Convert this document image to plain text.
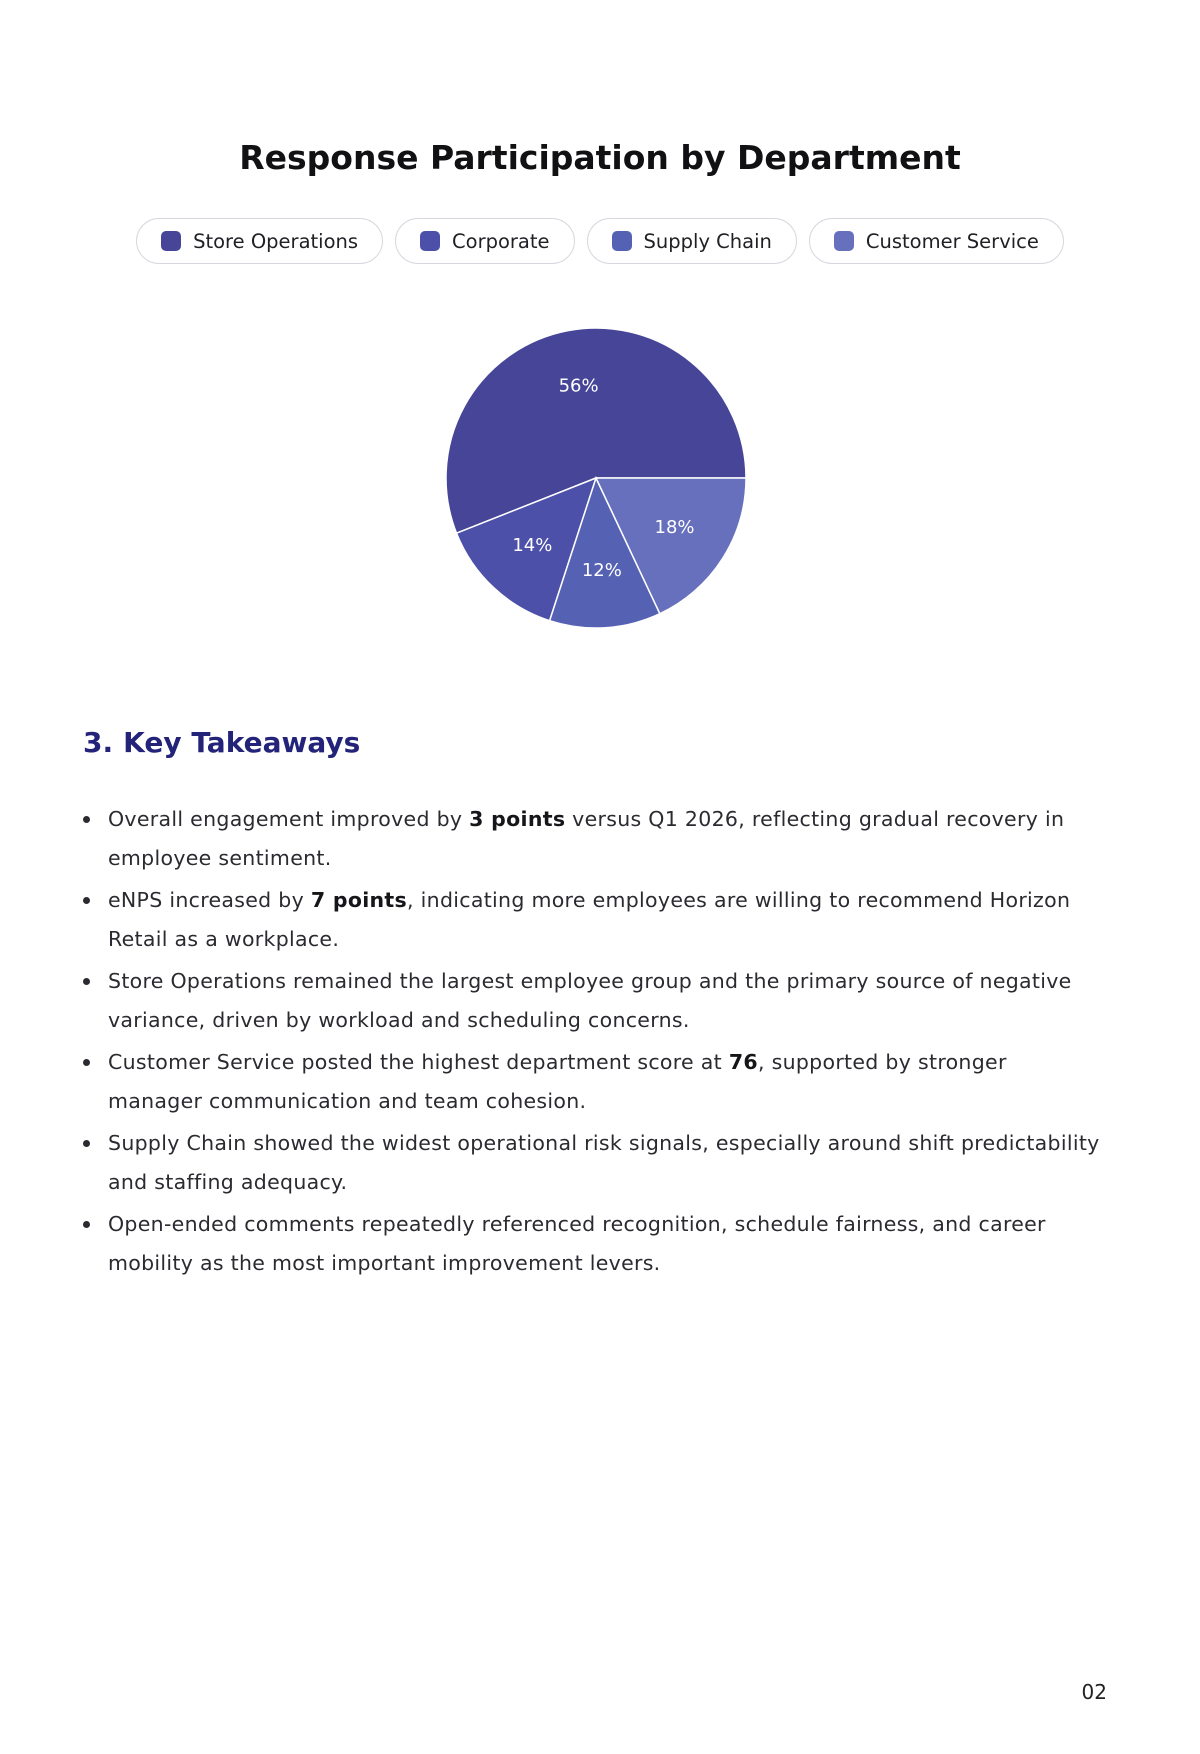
Response Participation by Department
Store Operations	Corporate	Supply Chain	Customer Service
56%
14%
12%
18%
3. Key Takeaways
Overall engagement improved by 3 points versus Q1 2026, reflecting gradual recovery in employee sentiment.
eNPS increased by 7 points, indicating more employees are willing to recommend Horizon Retail as a workplace.
Store Operations remained the largest employee group and the primary source of negative variance, driven by workload and scheduling concerns.
Customer Service posted the highest department score at 76, supported by stronger manager communication and team cohesion.
Supply Chain showed the widest operational risk signals, especially around shift predictability and staffing adequacy.
Open-ended comments repeatedly referenced recognition, schedule fairness, and career mobility as the most important improvement levers.
02
